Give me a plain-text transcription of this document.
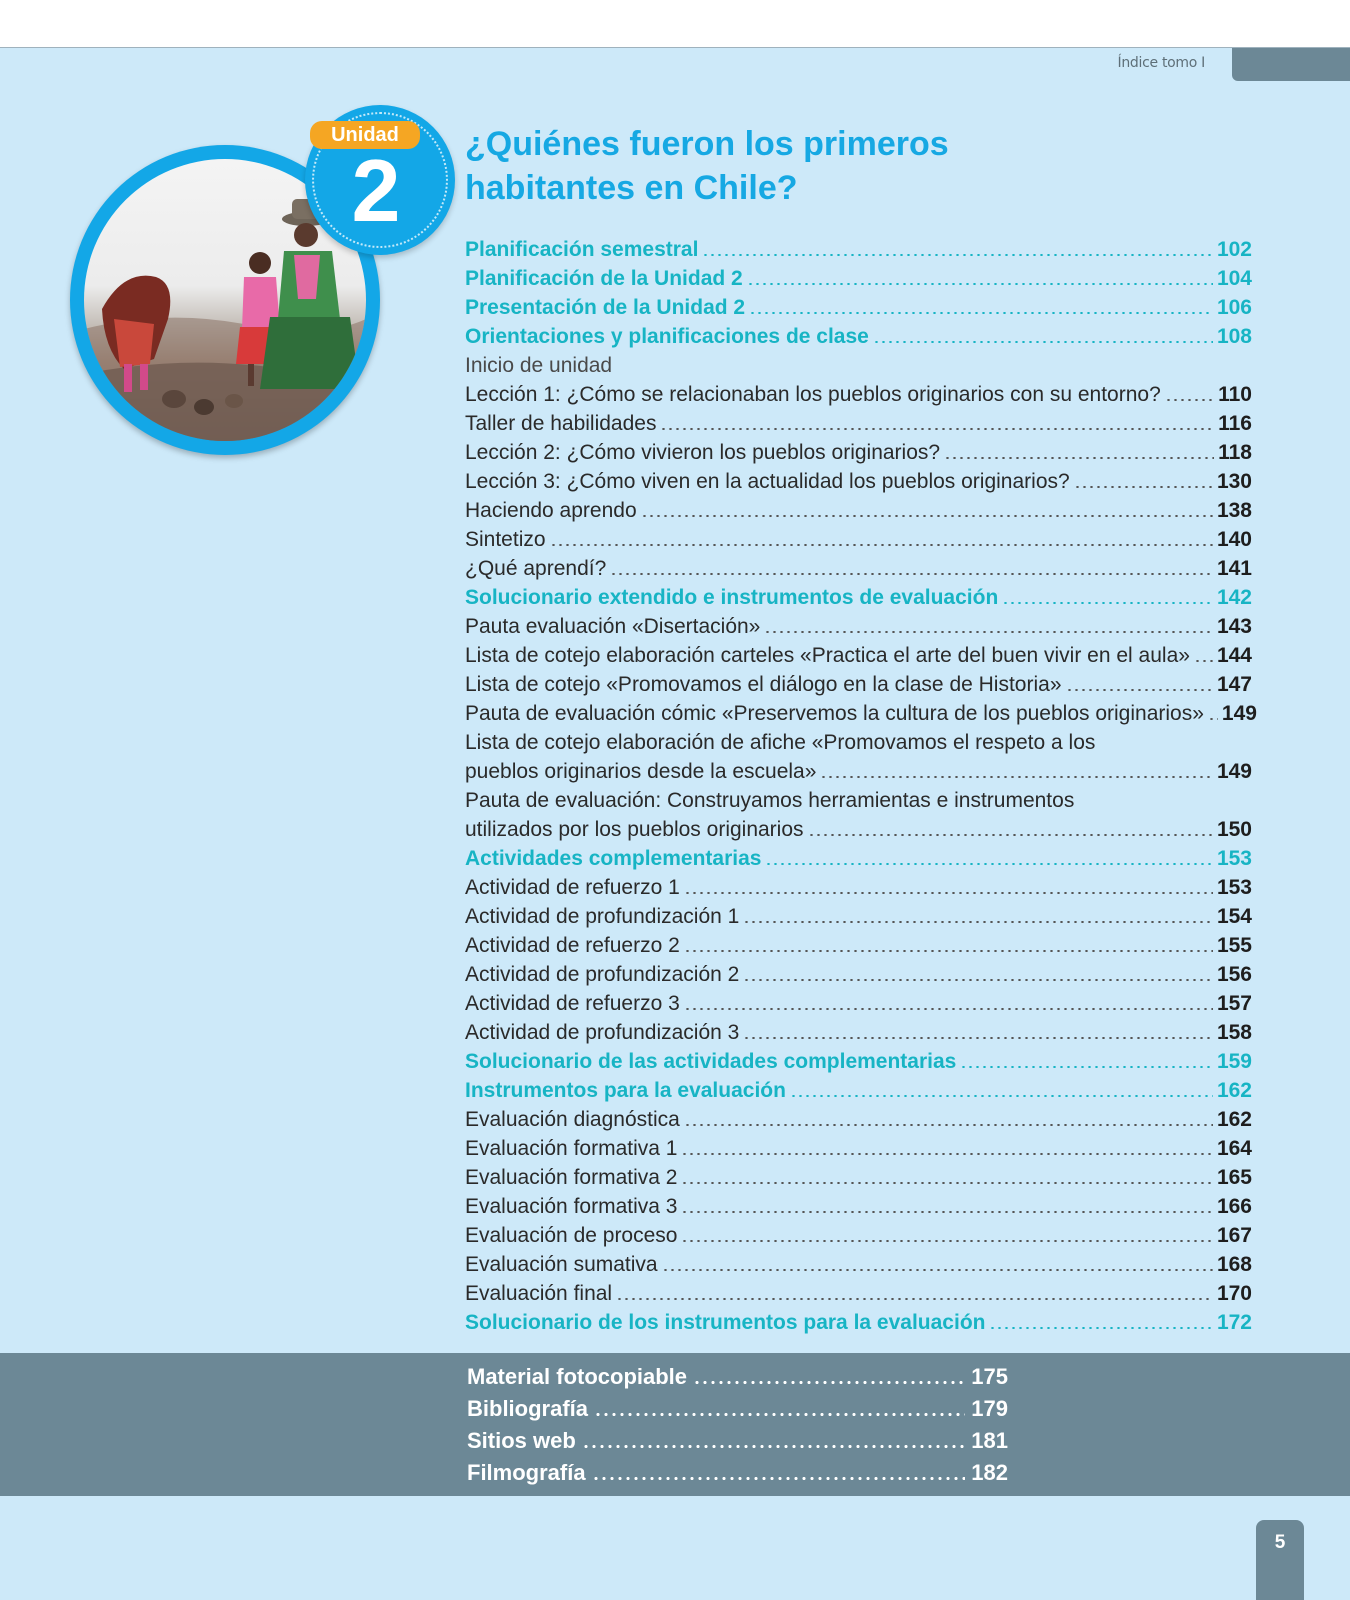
Índice tomo I
Unidad
2	¿Quiénes fueron los primeros
habitantes en Chile?
Planificación semestral	102
Planificación de la Unidad 2	104
Presentación de la Unidad 2	106
Orientaciones y planificaciones de clase	108
Inicio de unidad
Lección 1: ¿Cómo se relacionaban los pueblos originarios con su entorno?	110
Taller de habilidades	116
Lección 2: ¿Cómo vivieron los pueblos originarios?	118
Lección 3: ¿Cómo viven en la actualidad los pueblos originarios?	130
Haciendo aprendo	138
Sintetizo	140
¿Qué aprendí?	141
Solucionario extendido e instrumentos de evaluación	142
Pauta evaluación «Disertación»	143
Lista de cotejo elaboración carteles «Practica el arte del buen vivir en el aula» 144
Lista de cotejo «Promovamos el diálogo en la clase de Historia»	147
Pauta de evaluación cómic «Preservemos la cultura de los pueblos originarios» 149
Lista de cotejo elaboración de afiche «Promovamos el respeto a los
pueblos originarios desde la escuela»	149
Pauta de evaluación: Construyamos herramientas e instrumentos
utilizados por los pueblos originarios	150
Actividades complementarias	153
Actividad de refuerzo 1	153
Actividad de profundización 1	154
Actividad de refuerzo 2	155
Actividad de profundización 2	156
Actividad de refuerzo 3	157
Actividad de profundización 3	158
Solucionario de las actividades complementarias	159
Instrumentos para la evaluación	162
Evaluación diagnóstica	162
Evaluación formativa 1	164
Evaluación formativa 2	165
Evaluación formativa 3	166
Evaluación de proceso	167
Evaluación sumativa	168
Evaluación final	170
Solucionario de los instrumentos para la evaluación	172
Material fotocopiable	175
Bibliografía	179
Sitios web	181
Filmografía	182
5
